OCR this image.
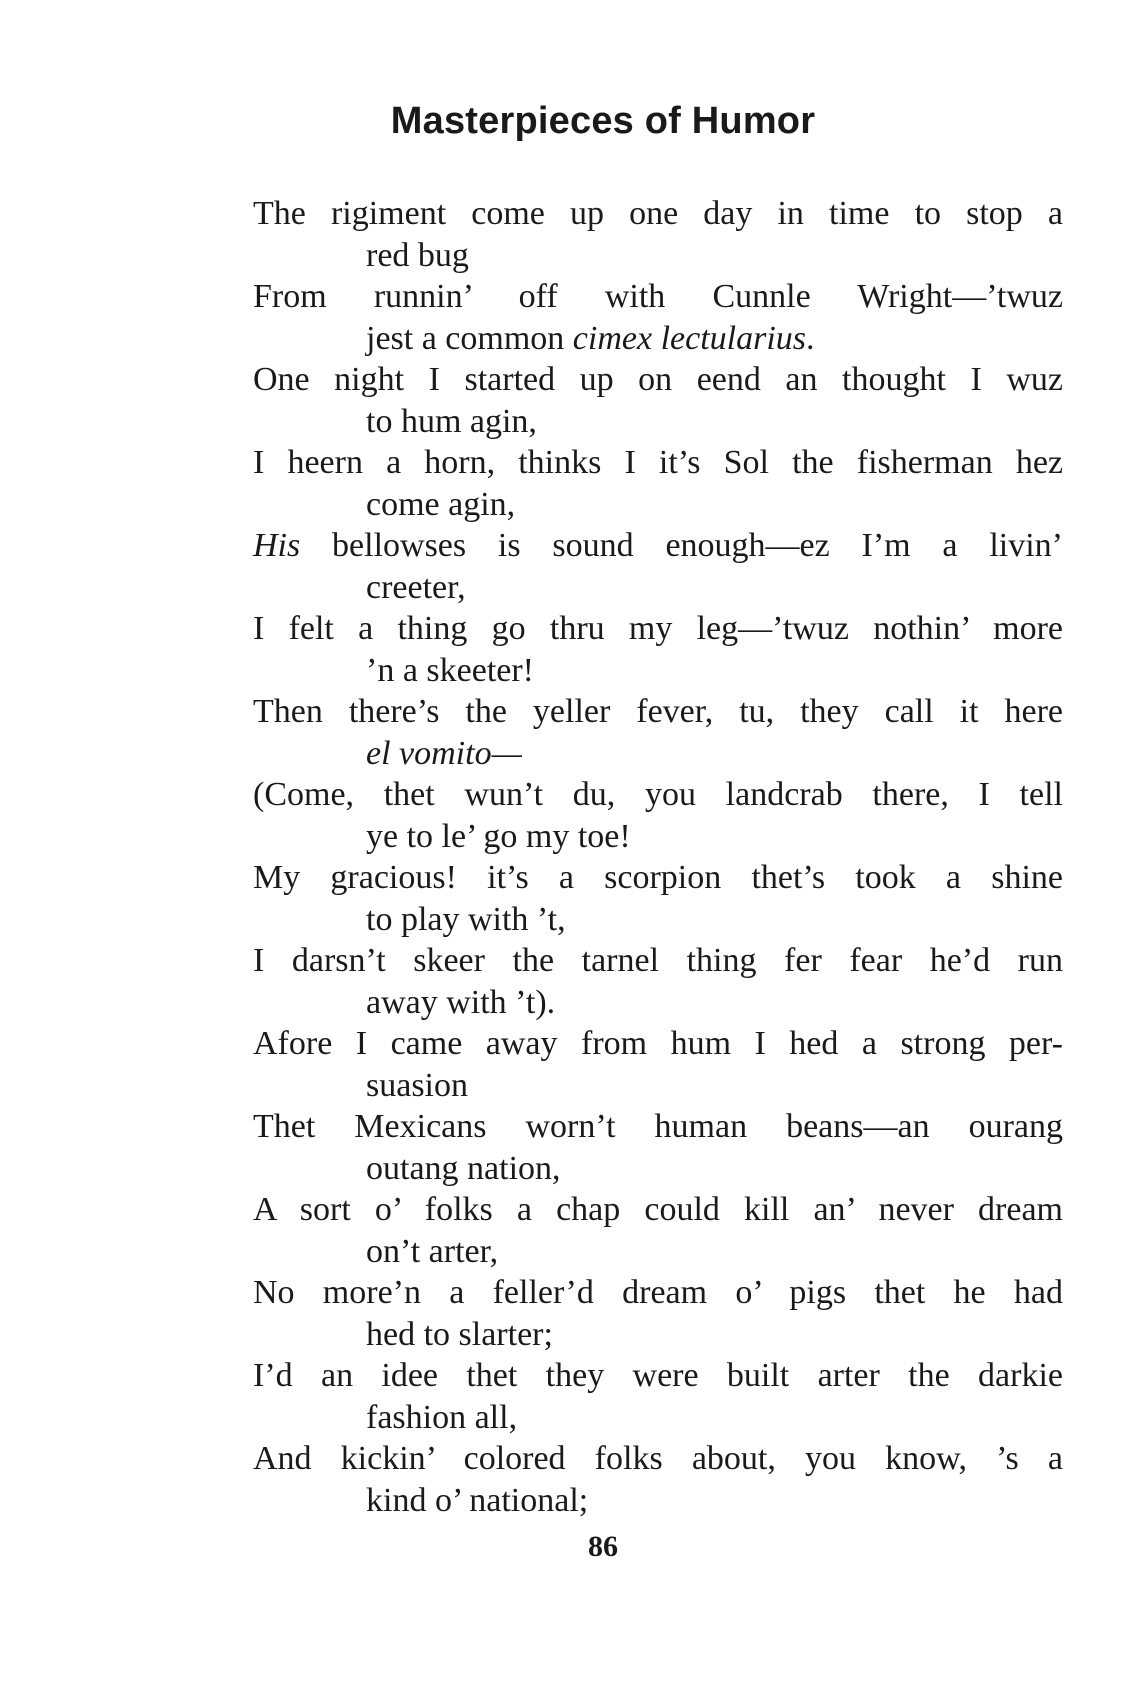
Masterpieces of Humor
The rigiment come up one day in time to stop a
red bug
From runnin’ off with Cunnle Wright—’twuz
jest a common cimex lectularius.
One night I started up on eend an thought I wuz
to hum agin,
I heern a horn, thinks I it’s Sol the fisherman hez
come agin,
His bellowses is sound enough—ez I’m a livin’
creeter,
I felt a thing go thru my leg—’twuz nothin’ more
’n a skeeter!
Then there’s the yeller fever, tu, they call it here
el vomito—
(Come, thet wun’t du, you landcrab there, I tell
ye to le’ go my toe!
My gracious! it’s a scorpion thet’s took a shine
to play with ’t,
I darsn’t skeer the tarnel thing fer fear he’d run
away with ’t).
Afore I came away from hum I hed a strong per-
suasion
Thet Mexicans worn’t human beans—an ourang
outang nation,
A sort o’ folks a chap could kill an’ never dream
on’t arter,
No more’n a feller’d dream o’ pigs thet he had
hed to slarter;
I’d an idee thet they were built arter the darkie
fashion all,
And kickin’ colored folks about, you know, ’s a
kind o’ national;
86
